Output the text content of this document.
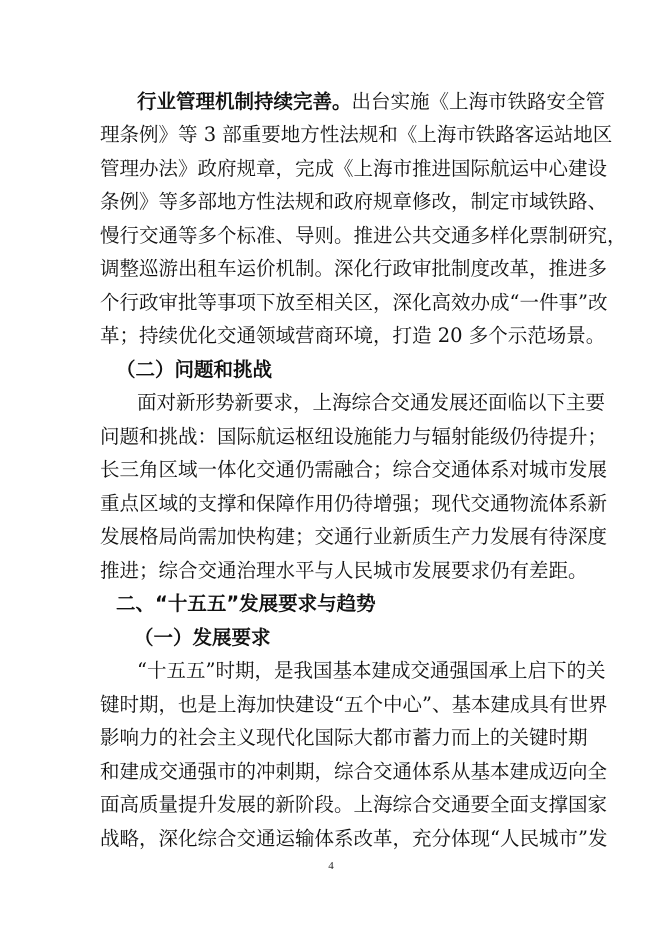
行业管理机制持续完善。出台实施《上海市铁路安全管
理条例》等 3 部重要地方性法规和《上海市铁路客运站地区
管理办法》政府规章，完成《上海市推进国际航运中心建设
条例》等多部地方性法规和政府规章修改，制定市域铁路、
慢行交通等多个标准、导则。推进公共交通多样化票制研究，
调整巡游出租车运价机制。深化行政审批制度改革，推进多
个行政审批等事项下放至相关区，深化高效办成“一件事”改
革；持续优化交通领域营商环境，打造 20 多个示范场景。
（二）问题和挑战
面对新形势新要求，上海综合交通发展还面临以下主要
问题和挑战：国际航运枢纽设施能力与辐射能级仍待提升；
长三角区域一体化交通仍需融合；综合交通体系对城市发展
重点区域的支撑和保障作用仍待增强；现代交通物流体系新
发展格局尚需加快构建；交通行业新质生产力发展有待深度
推进；综合交通治理水平与人民城市发展要求仍有差距。
二、“十五五”发展要求与趋势
（一）发展要求
“十五五”时期，是我国基本建成交通强国承上启下的关
键时期，也是上海加快建设“五个中心”、基本建成具有世界
影响力的社会主义现代化国际大都市蓄力而上的关键时期
和建成交通强市的冲刺期，综合交通体系从基本建成迈向全
面高质量提升发展的新阶段。上海综合交通要全面支撑国家
战略，深化综合交通运输体系改革，充分体现“人民城市”发
4
